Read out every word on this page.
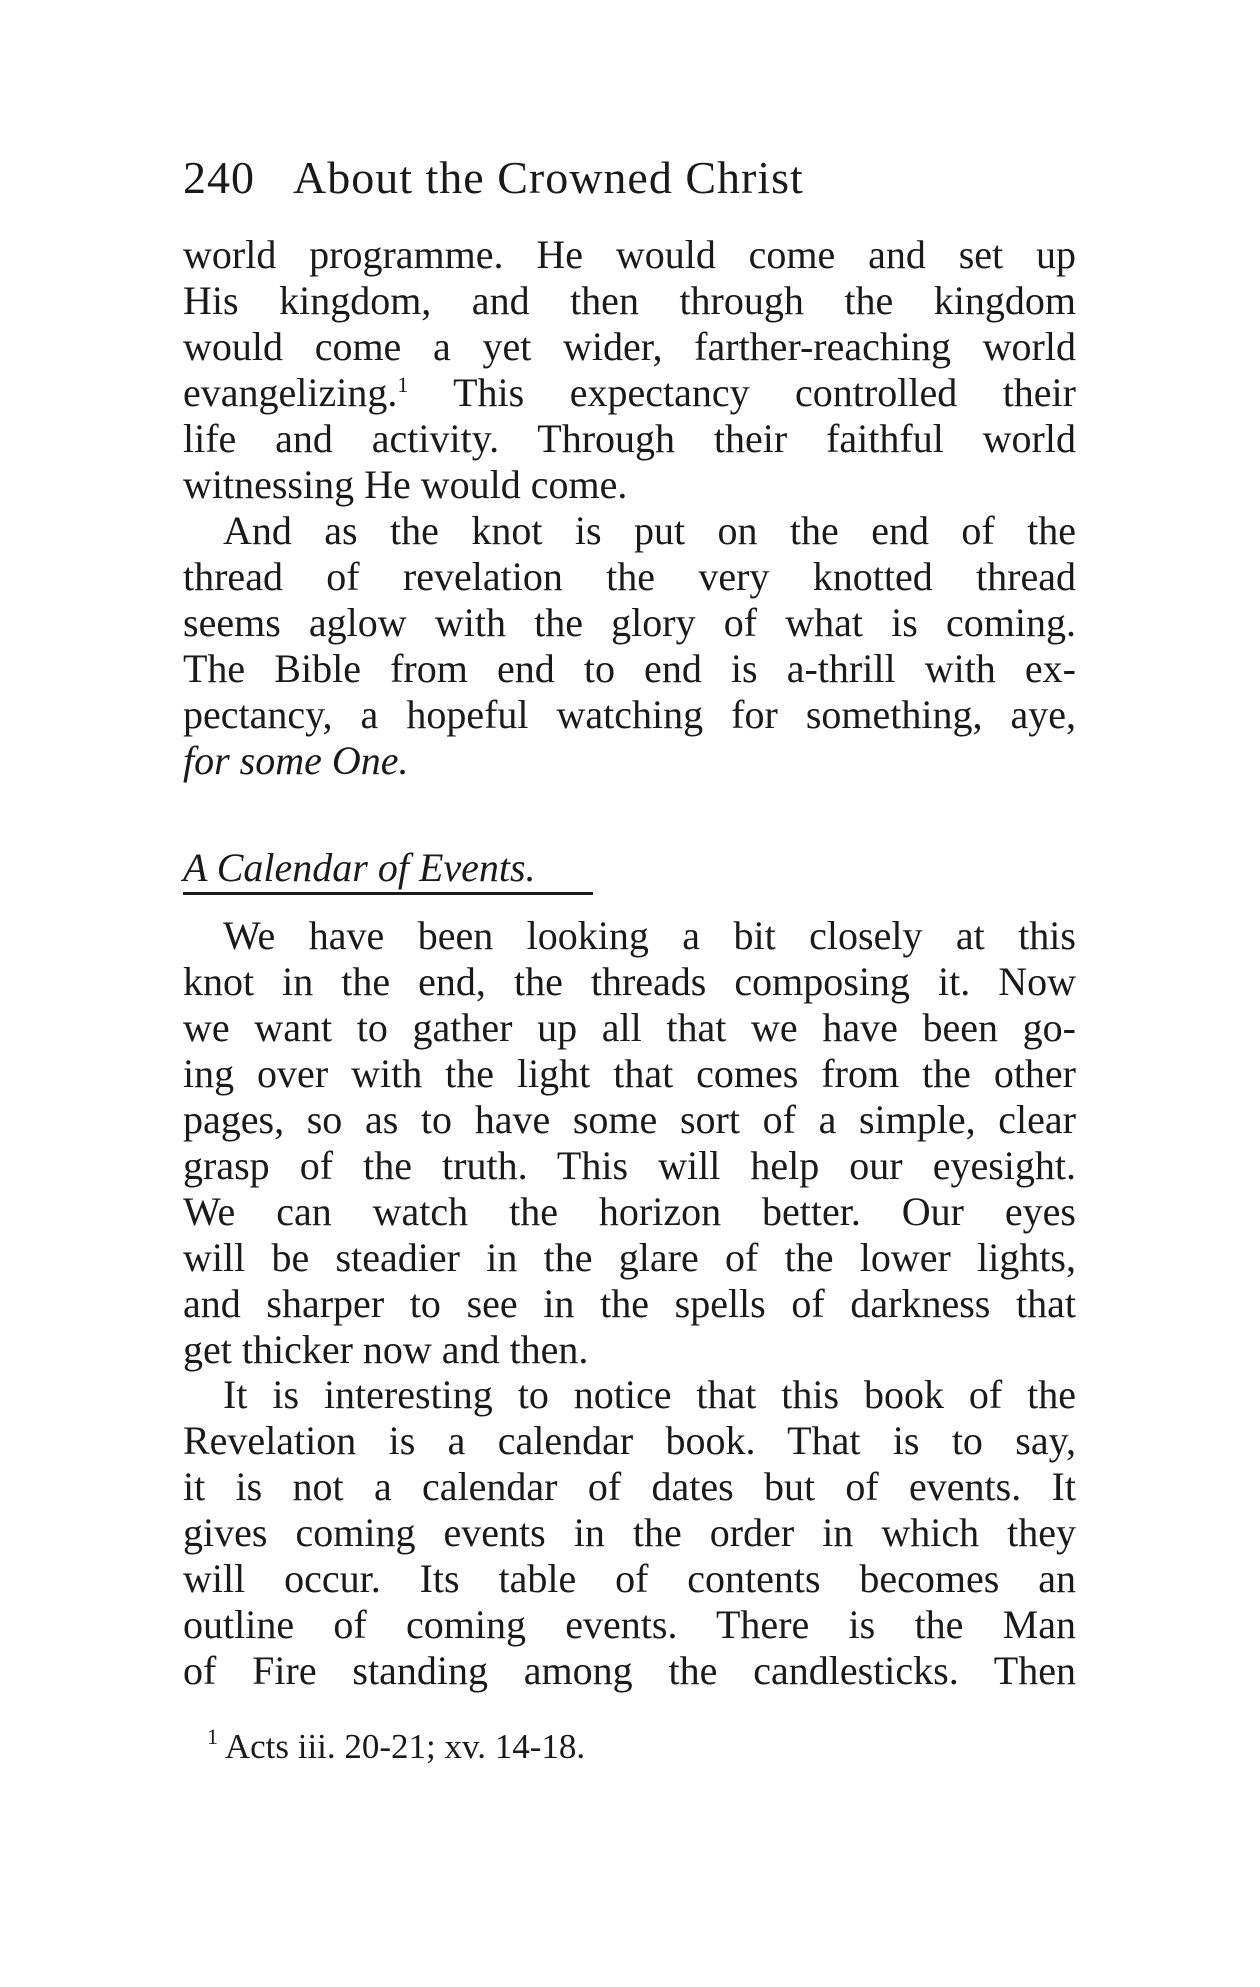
240 About the Crowned Christ
world programme. He would come and set up
His kingdom, and then through the kingdom
would come a yet wider, farther-reaching world
evangelizing.$^1$ This expectancy controlled their
life and activity. Through their faithful world
witnessing He would come.
And as the knot is put on the end of the
thread of revelation the very knotted thread
seems aglow with the glory of what is coming.
The Bible from end to end is a-thrill with ex-
pectancy, a hopeful watching for something, aye,
for some One.
A Calendar of Events.
We have been looking a bit closely at this
knot in the end, the threads composing it. Now
we want to gather up all that we have been go-
ing over with the light that comes from the other
pages, so as to have some sort of a simple, clear
grasp of the truth. This will help our eyesight.
We can watch the horizon better. Our eyes
will be steadier in the glare of the lower lights,
and sharper to see in the spells of darkness that
get thicker now and then.
It is interesting to notice that this book of the
Revelation is a calendar book. That is to say,
it is not a calendar of dates but of events. It
gives coming events in the order in which they
will occur. Its table of contents becomes an
outline of coming events. There is the Man
of Fire standing among the candlesticks. Then
$^1$ Acts iii. 20-21; xv. 14-18.
